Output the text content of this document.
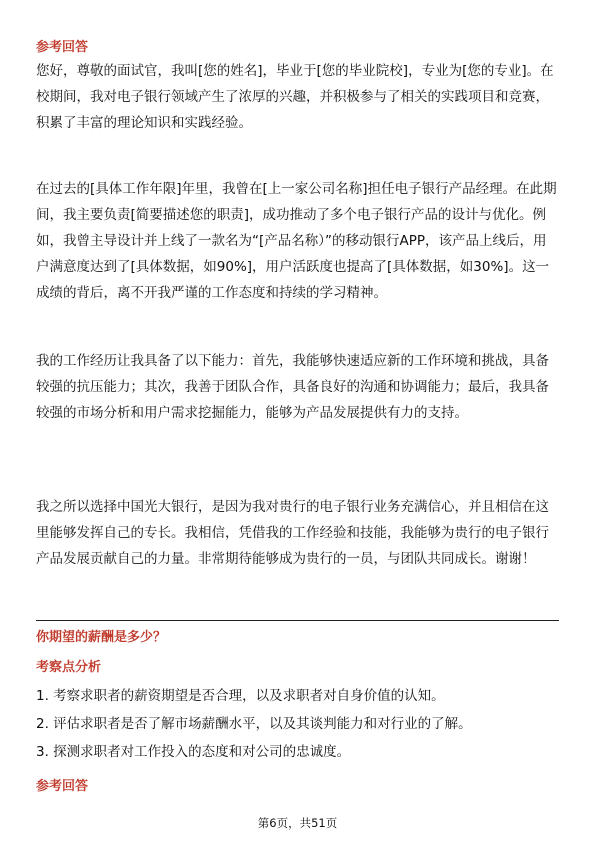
参考回答
您好，尊敬的面试官，我叫[您的姓名]，毕业于[您的毕业院校]，专业为[您的专业]。在校期间，我对电子银行领域产生了浓厚的兴趣，并积极参与了相关的实践项目和竞赛，积累了丰富的理论知识和实践经验。
在过去的[具体工作年限]年里，我曾在[上一家公司名称]担任电子银行产品经理。在此期间，我主要负责[简要描述您的职责]，成功推动了多个电子银行产品的设计与优化。例如，我曾主导设计并上线了一款名为“[产品名称）”的移动银行APP，该产品上线后，用户满意度达到了[具体数据，如90%]，用户活跃度也提高了[具体数据，如30%]。这一成绩的背后，离不开我严谨的工作态度和持续的学习精神。
我的工作经历让我具备了以下能力：首先，我能够快速适应新的工作环境和挑战，具备较强的抗压能力；其次，我善于团队合作，具备良好的沟通和协调能力；最后，我具备较强的市场分析和用户需求挖掘能力，能够为产品发展提供有力的支持。
我之所以选择中国光大银行，是因为我对贵行的电子银行业务充满信心，并且相信在这里能够发挥自己的专长。我相信，凭借我的工作经验和技能，我能够为贵行的电子银行产品发展贡献自己的力量。非常期待能够成为贵行的一员，与团队共同成长。谢谢！
你期望的薪酬是多少？
考察点分析
1. 考察求职者的薪资期望是否合理，以及求职者对自身价值的认知。
2. 评估求职者是否了解市场薪酬水平，以及其谈判能力和对行业的了解。
3. 探测求职者对工作投入的态度和对公司的忠诚度。
参考回答
第6页，共51页
